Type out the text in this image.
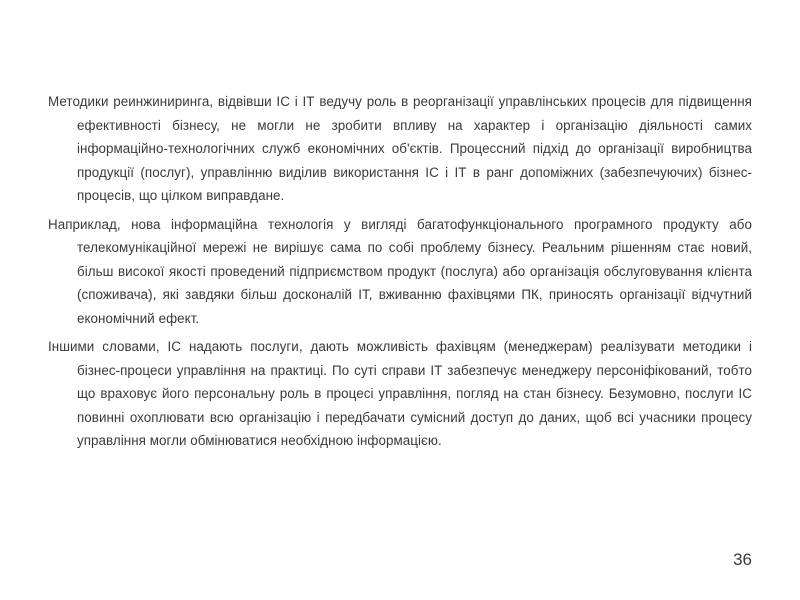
Методики реинжиниринга, відвівши ІС і ІТ ведучу роль в реорганізації управлінських процесів для підвищення ефективності бізнесу, не могли не зробити впливу на характер і організацію діяльності самих інформаційно-технологічних служб економічних об'єктів. Процессний підхід до організації виробництва продукції (послуг), управлінню виділив використання ІС і ІТ в ранг допоміжних (забезпечуючих) бізнес-процесів, що цілком виправдане.

Наприклад, нова інформаційна технологія у вигляді багатофункціонального програмного продукту або телекомунікаційної мережі не вирішує сама по собі проблему бізнесу. Реальним рішенням стає новий, більш високої якості проведений підприємством продукт (послуга) або організація обслуговування клієнта (споживача), які завдяки більш досконалій ІТ, вживанню фахівцями ПК, приносять організації відчутний економічний ефект.

Іншими словами, ІС надають послуги, дають можливість фахівцям (менеджерам) реалізувати методики і бізнес-процеси управління на практиці. По суті справи ІТ забезпечує менеджеру персоніфікований, тобто що враховує його персональну роль в процесі управління, погляд на стан бізнесу. Безумовно, послуги ІС повинні охоплювати всю організацію і передбачати сумісний доступ до даних, щоб всі учасники процесу управління могли обмінюватися необхідною інформацією.

36
